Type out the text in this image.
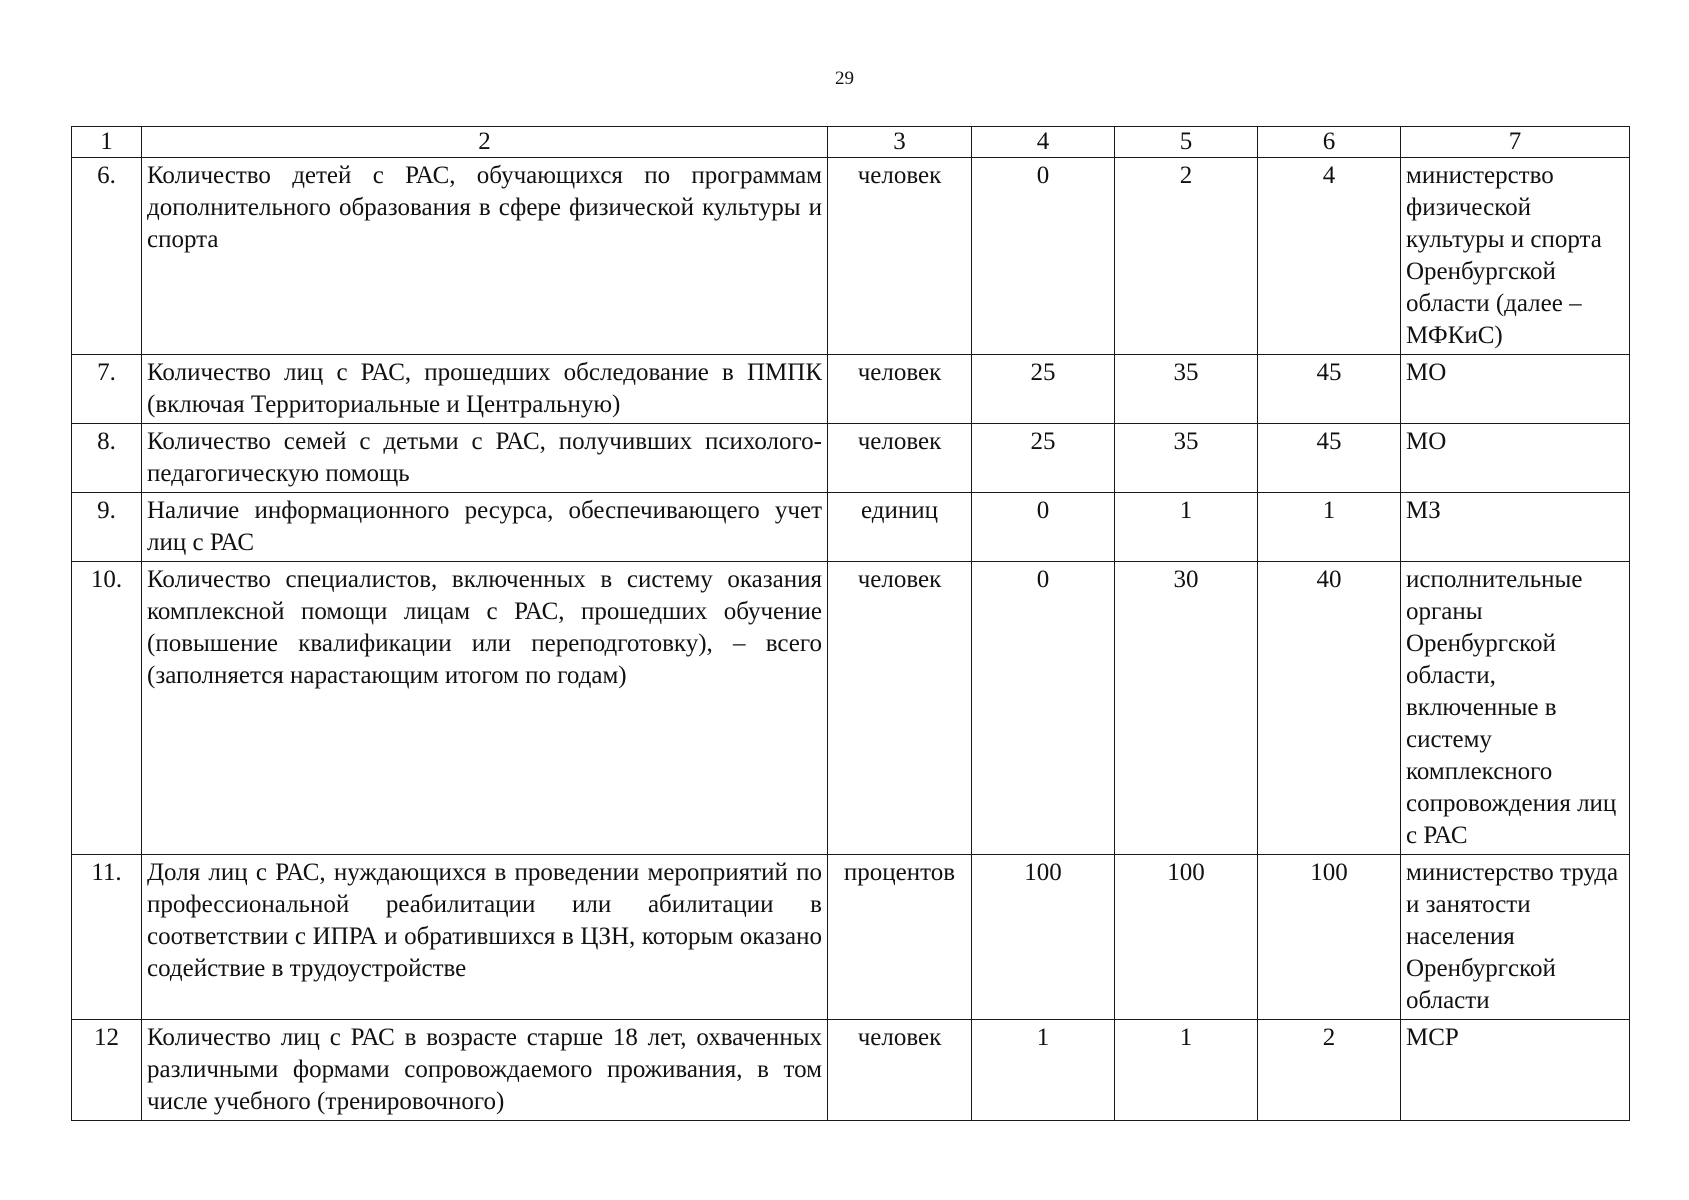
29
1	2	3	4	5	6	7
6.	Количество детей с РАС, обучающихся по программам дополнительного образования в сфере физической культуры и спорта	человек	0	2	4	министерство физической культуры и спорта Оренбургской области (далее – МФКиС)
7.	Количество лиц с РАС, прошедших обследование в ПМПК (включая Территориальные и Центральную)	человек	25	35	45	МО
8.	Количество семей с детьми с РАС, получивших психолого-педагогическую помощь	человек	25	35	45	МО
9.	Наличие информационного ресурса, обеспечивающего учет лиц с РАС	единиц	0	1	1	МЗ
10.	Количество специалистов, включенных в систему оказания комплексной помощи лицам с РАС, прошедших обучение (повышение квалификации или переподготовку), – всего (заполняется нарастающим итогом по годам)	человек	0	30	40	исполнительные органы Оренбургской области, включенные в систему комплексного сопровождения лиц с РАС
11.	Доля лиц с РАС, нуждающихся в проведении мероприятий по профессиональной реабилитации или абилитации в соответствии с ИПРА и обратившихся в ЦЗН, которым оказано содействие в трудоустройстве	процентов	100	100	100	министерство труда и занятости населения Оренбургской области
12	Количество лиц с РАС в возрасте старше 18 лет, охваченных различными формами сопровождаемого проживания, в том числе учебного (тренировочного)	человек	1	1	2	МСР
